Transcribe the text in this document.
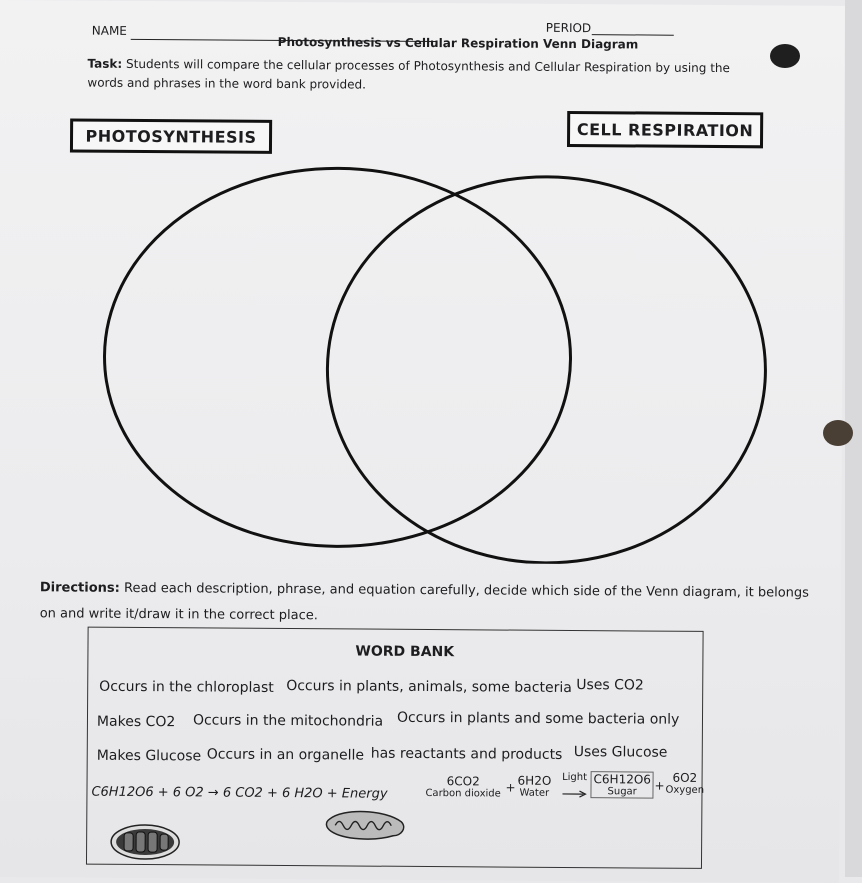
NAME	PERIOD
Photosynthesis vs Cellular Respiration Venn Diagram
Task: Students will compare the cellular processes of Photosynthesis and Cellular Respiration by using the words and phrases in the word bank provided.
PHOTOSYNTHESIS	CELL RESPIRATION
Directions: Read each description, phrase, and equation carefully, decide which side of the Venn diagram, it belongs on and write it/draw it in the correct place.
WORD BANK
Occurs in the chloroplast Occurs in plants, animals, some bacteria Uses CO2
Makes CO2 Occurs in the mitochondria Occurs in plants and some bacteria only
Makes Glucose Occurs in an organelle has reactants and products Uses Glucose
C6H12O6 + 6 O2 → 6 CO2 + 6 H2O + Energy
6CO2
Carbon dioxide + 6H2O
Water
Light C6H12O6
Sugar	+
6O2
Oxygen
